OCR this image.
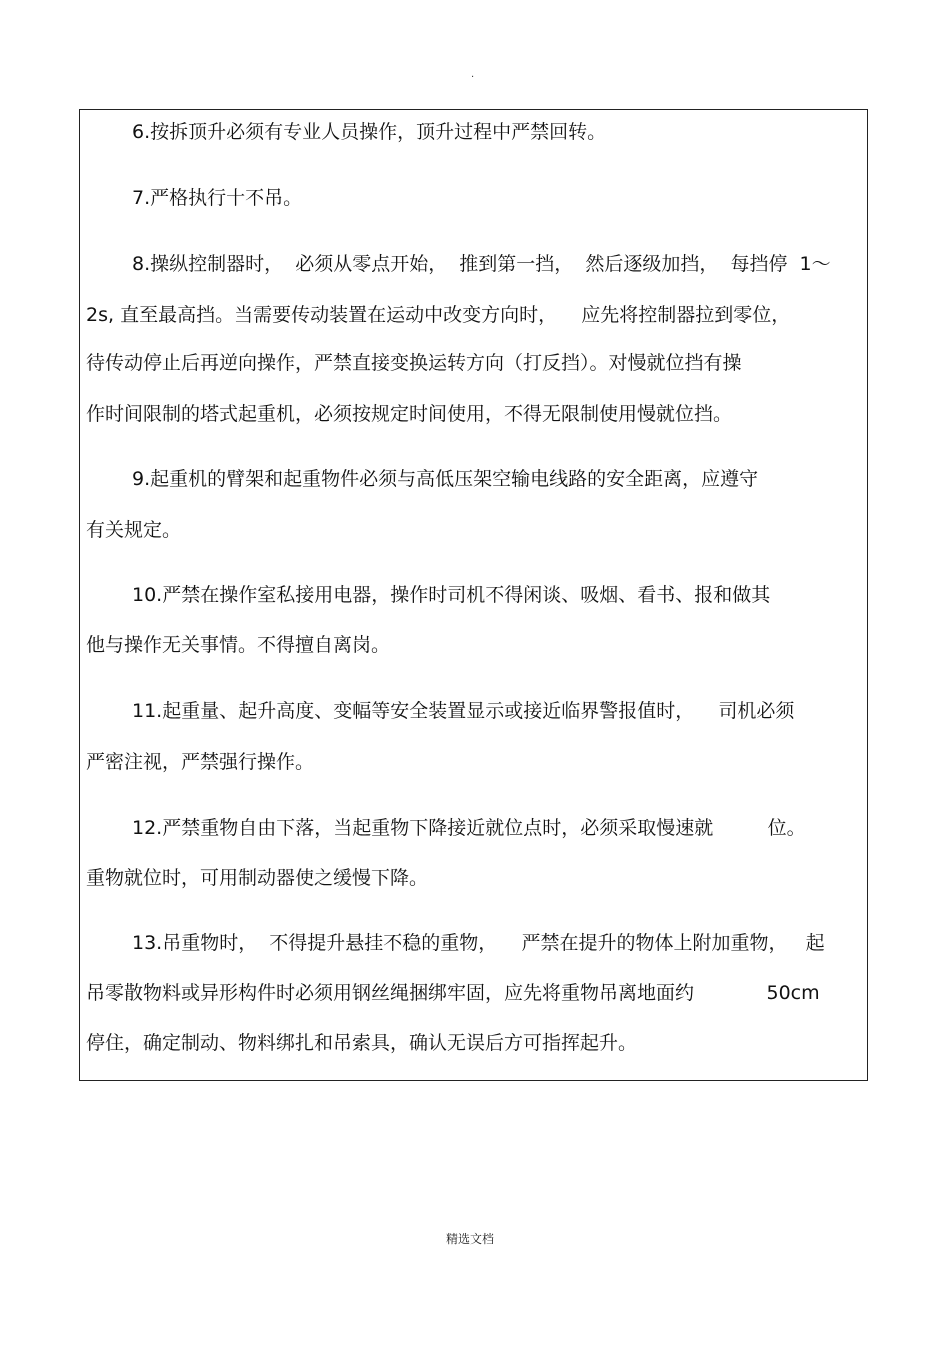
.
6.按拆顶升必须有专业人员操作，顶升过程中严禁回转。
7.严格执行十不吊。
8.操纵控制器时，  必须从零点开始，  推到第一挡，  然后逐级加挡，  每挡停  1～
2s, 直至最高挡。当需要传动装置在运动中改变方向时，    应先将控制器拉到零位，
待传动停止后再逆向操作，严禁直接变换运转方向（打反挡）。对慢就位挡有操
作时间限制的塔式起重机，必须按规定时间使用，不得无限制使用慢就位挡。
9.起重机的臂架和起重物件必须与高低压架空输电线路的安全距离，应遵守
有关规定。
10.严禁在操作室私接用电器，操作时司机不得闲谈、吸烟、看书、报和做其
他与操作无关事情。不得擅自离岗。
11.起重量、起升高度、变幅等安全装置显示或接近临界警报值时，    司机必须
严密注视，严禁强行操作。
12.严禁重物自由下落，当起重物下降接近就位点时，必须采取慢速就         位。
重物就位时，可用制动器使之缓慢下降。
13.吊重物时，  不得提升悬挂不稳的重物，    严禁在提升的物体上附加重物，   起
吊零散物料或异形构件时必须用钢丝绳捆绑牢固，应先将重物吊离地面约            50cm
停住，确定制动、物料绑扎和吊索具，确认无误后方可指挥起升。
精选文档
